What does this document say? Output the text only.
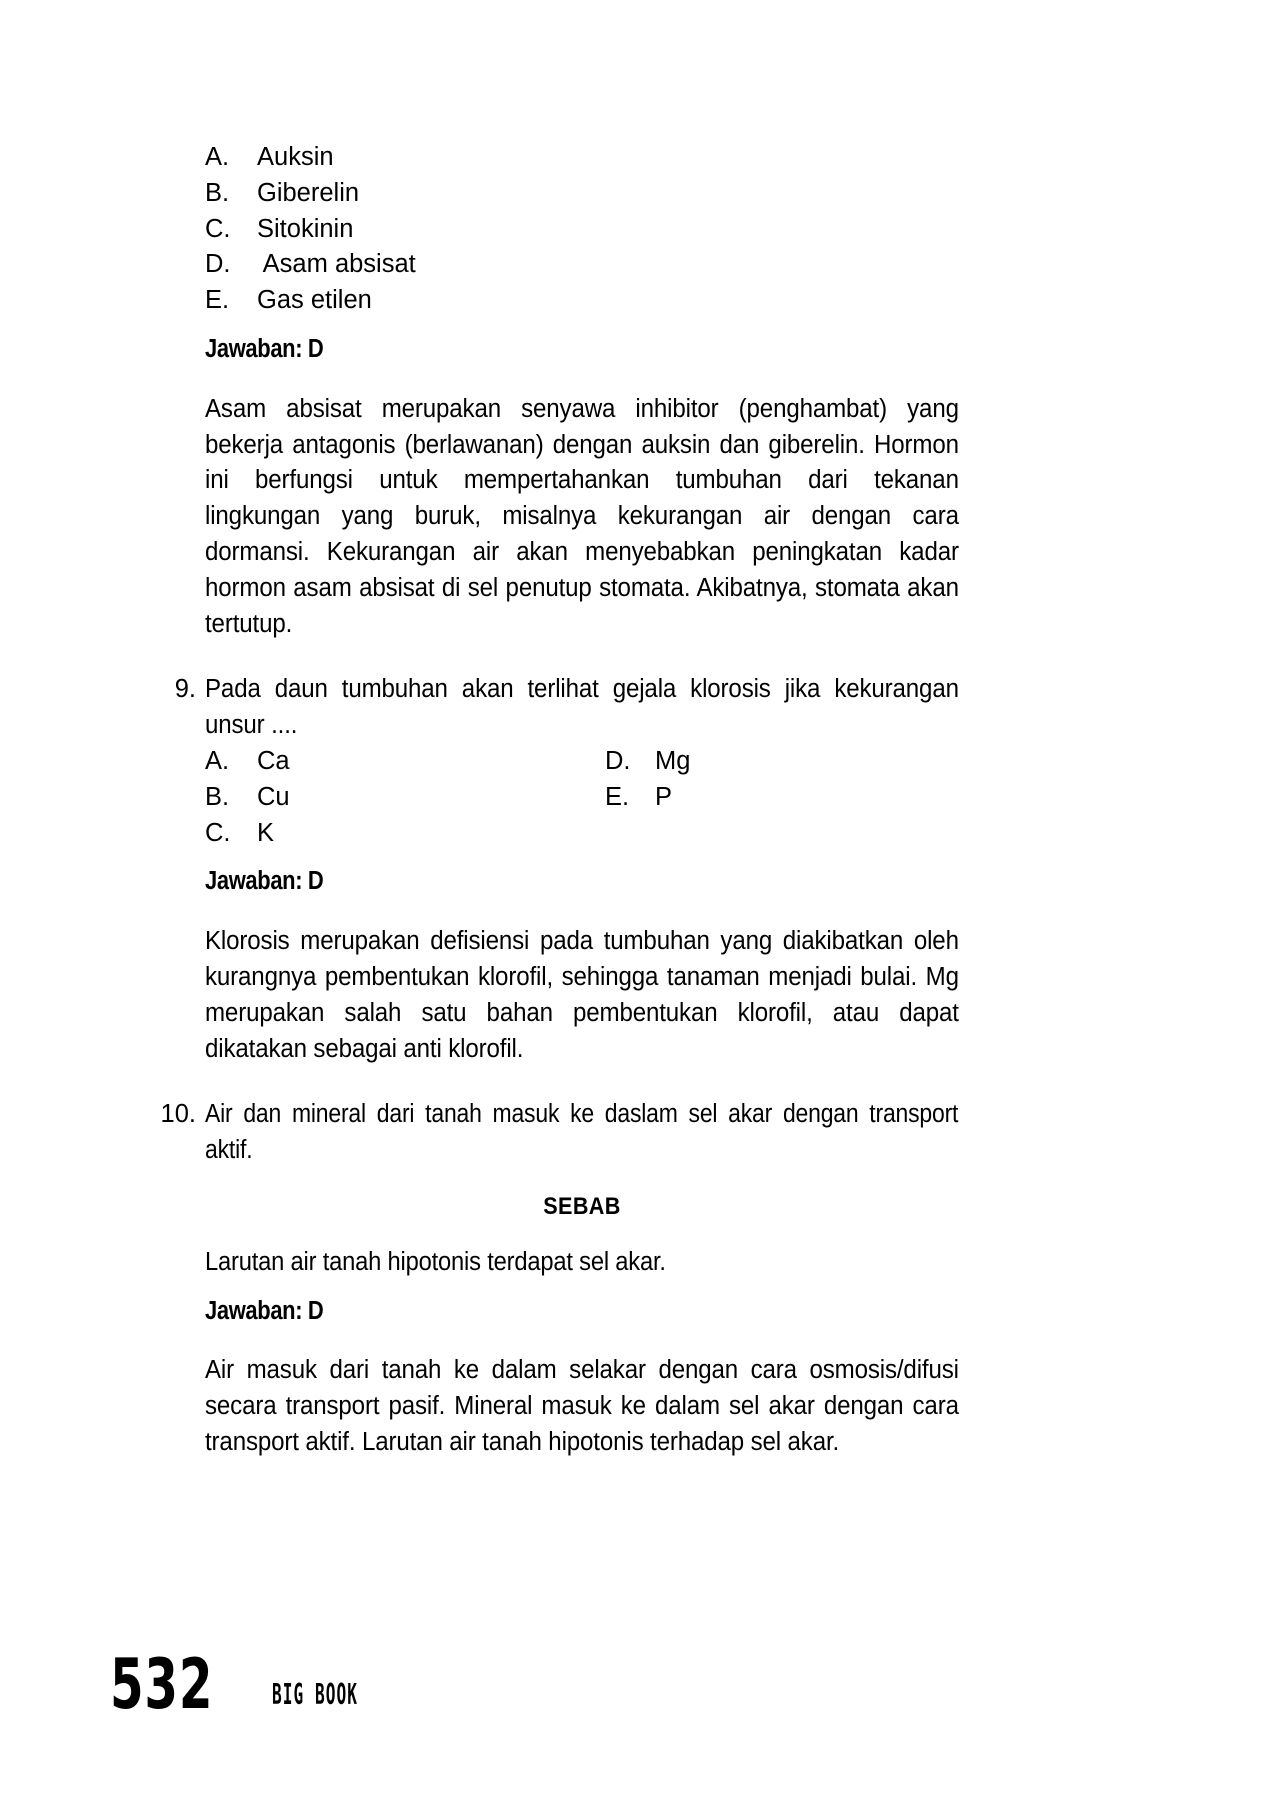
A.	Auksin
B.	Giberelin
C.	Sitokinin
D.	Asam absisat
E.	Gas etilen
Jawaban: D

Asam absisat merupakan senyawa inhibitor (penghambat) yang bekerja antagonis (berlawanan) dengan auksin dan giberelin. Hormon ini berfungsi untuk mempertahankan tumbuhan dari tekanan lingkungan yang buruk, misalnya kekurangan air dengan cara dormansi. Kekurangan air akan menyebabkan peningkatan kadar hormon asam absisat di sel penutup stomata. Akibatnya, stomata akan tertutup.

9. Pada daun tumbuhan akan terlihat gejala klorosis jika kekurangan unsur ....
A.	Ca
B.	Cu
C.	K
D. Mg
E.	P
Jawaban: D

Klorosis merupakan defisiensi pada tumbuhan yang diakibatkan oleh kurangnya pembentukan klorofil, sehingga tanaman menjadi bulai. Mg merupakan salah satu bahan pembentukan klorofil, atau dapat dikatakan sebagai anti klorofil.

10. Air dan mineral dari tanah masuk ke daslam sel akar dengan transport aktif.
SEBAB
Larutan air tanah hipotonis terdapat sel akar.
Jawaban: D

Air masuk dari tanah ke dalam selakar dengan cara osmosis/difusi secara transport pasif. Mineral masuk ke dalam sel akar dengan cara transport aktif. Larutan air tanah hipotonis terhadap sel akar.

532	BIG BOOK
